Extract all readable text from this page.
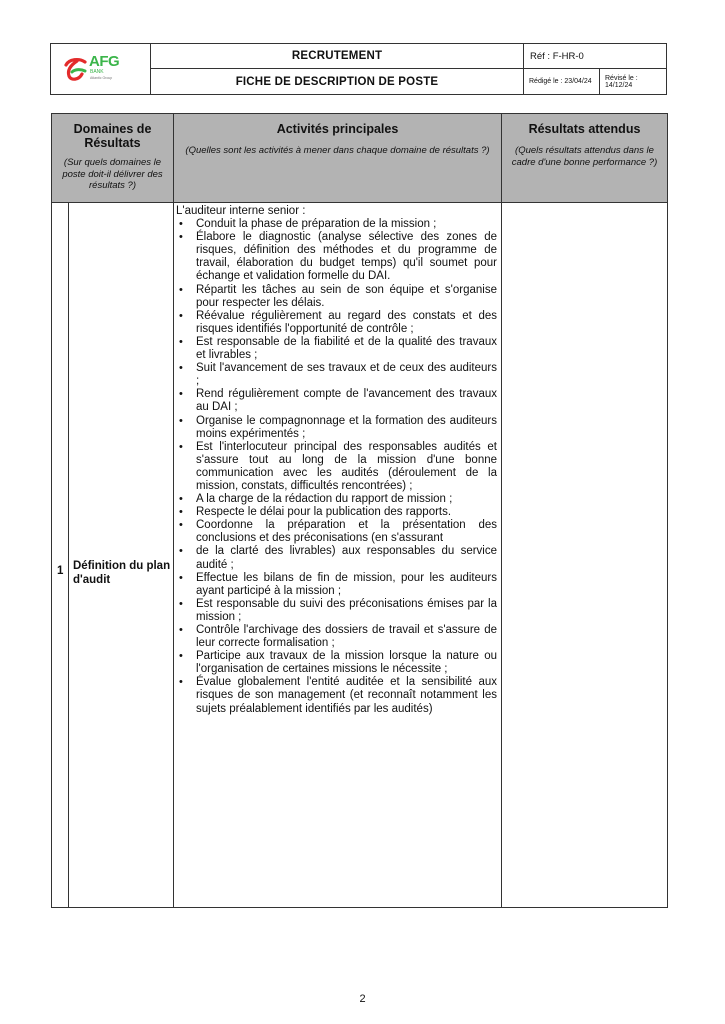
AFG
BANK
Atlantic Group
RECRUTEMENT
FICHE DE DESCRIPTION DE POSTE
Réf : F-HR-0
Rédigé le : 23/04/24	Révisé le : 14/12/24
Domaines de Résultats
(Sur quels domaines le poste doit-il délivrer des résultats ?)
Activités principales
(Quelles sont les activités à mener dans chaque domaine de résultats ?)
Résultats attendus
(Quels résultats attendus dans le cadre d'une bonne performance ?)
1 Définition du plan d'audit
L'auditeur interne senior :
• Conduit la phase de préparation de la mission ;
• Élabore le diagnostic (analyse sélective des zones de risques, définition des méthodes et du programme de travail, élaboration du budget temps) qu'il soumet pour échange et validation formelle du DAI.
• Répartit les tâches au sein de son équipe et s'organise pour respecter les délais.
• Réévalue régulièrement au regard des constats et des risques identifiés l'opportunité de contrôle ;
• Est responsable de la fiabilité et de la qualité des travaux et livrables ;
• Suit l'avancement de ses travaux et de ceux des auditeurs ;
• Rend régulièrement compte de l'avancement des travaux au DAI ;
• Organise le compagnonnage et la formation des auditeurs moins expérimentés ;
• Est l'interlocuteur principal des responsables audités et s'assure tout au long de la mission d'une bonne communication avec les audités (déroulement de la mission, constats, difficultés rencontrées) ;
• A la charge de la rédaction du rapport de mission ;
• Respecte le délai pour la publication des rapports.
• Coordonne la préparation et la présentation des conclusions et des préconisations (en s'assurant
• de la clarté des livrables) aux responsables du service audité ;
• Effectue les bilans de fin de mission, pour les auditeurs ayant participé à la mission ;
• Est responsable du suivi des préconisations émises par la mission ;
• Contrôle l'archivage des dossiers de travail et s'assure de leur correcte formalisation ;
• Participe aux travaux de la mission lorsque la nature ou l'organisation de certaines missions le nécessite ;
• Évalue globalement l'entité auditée et la sensibilité aux risques de son management (et reconnaît notamment les sujets préalablement identifiés par les audités)
2
